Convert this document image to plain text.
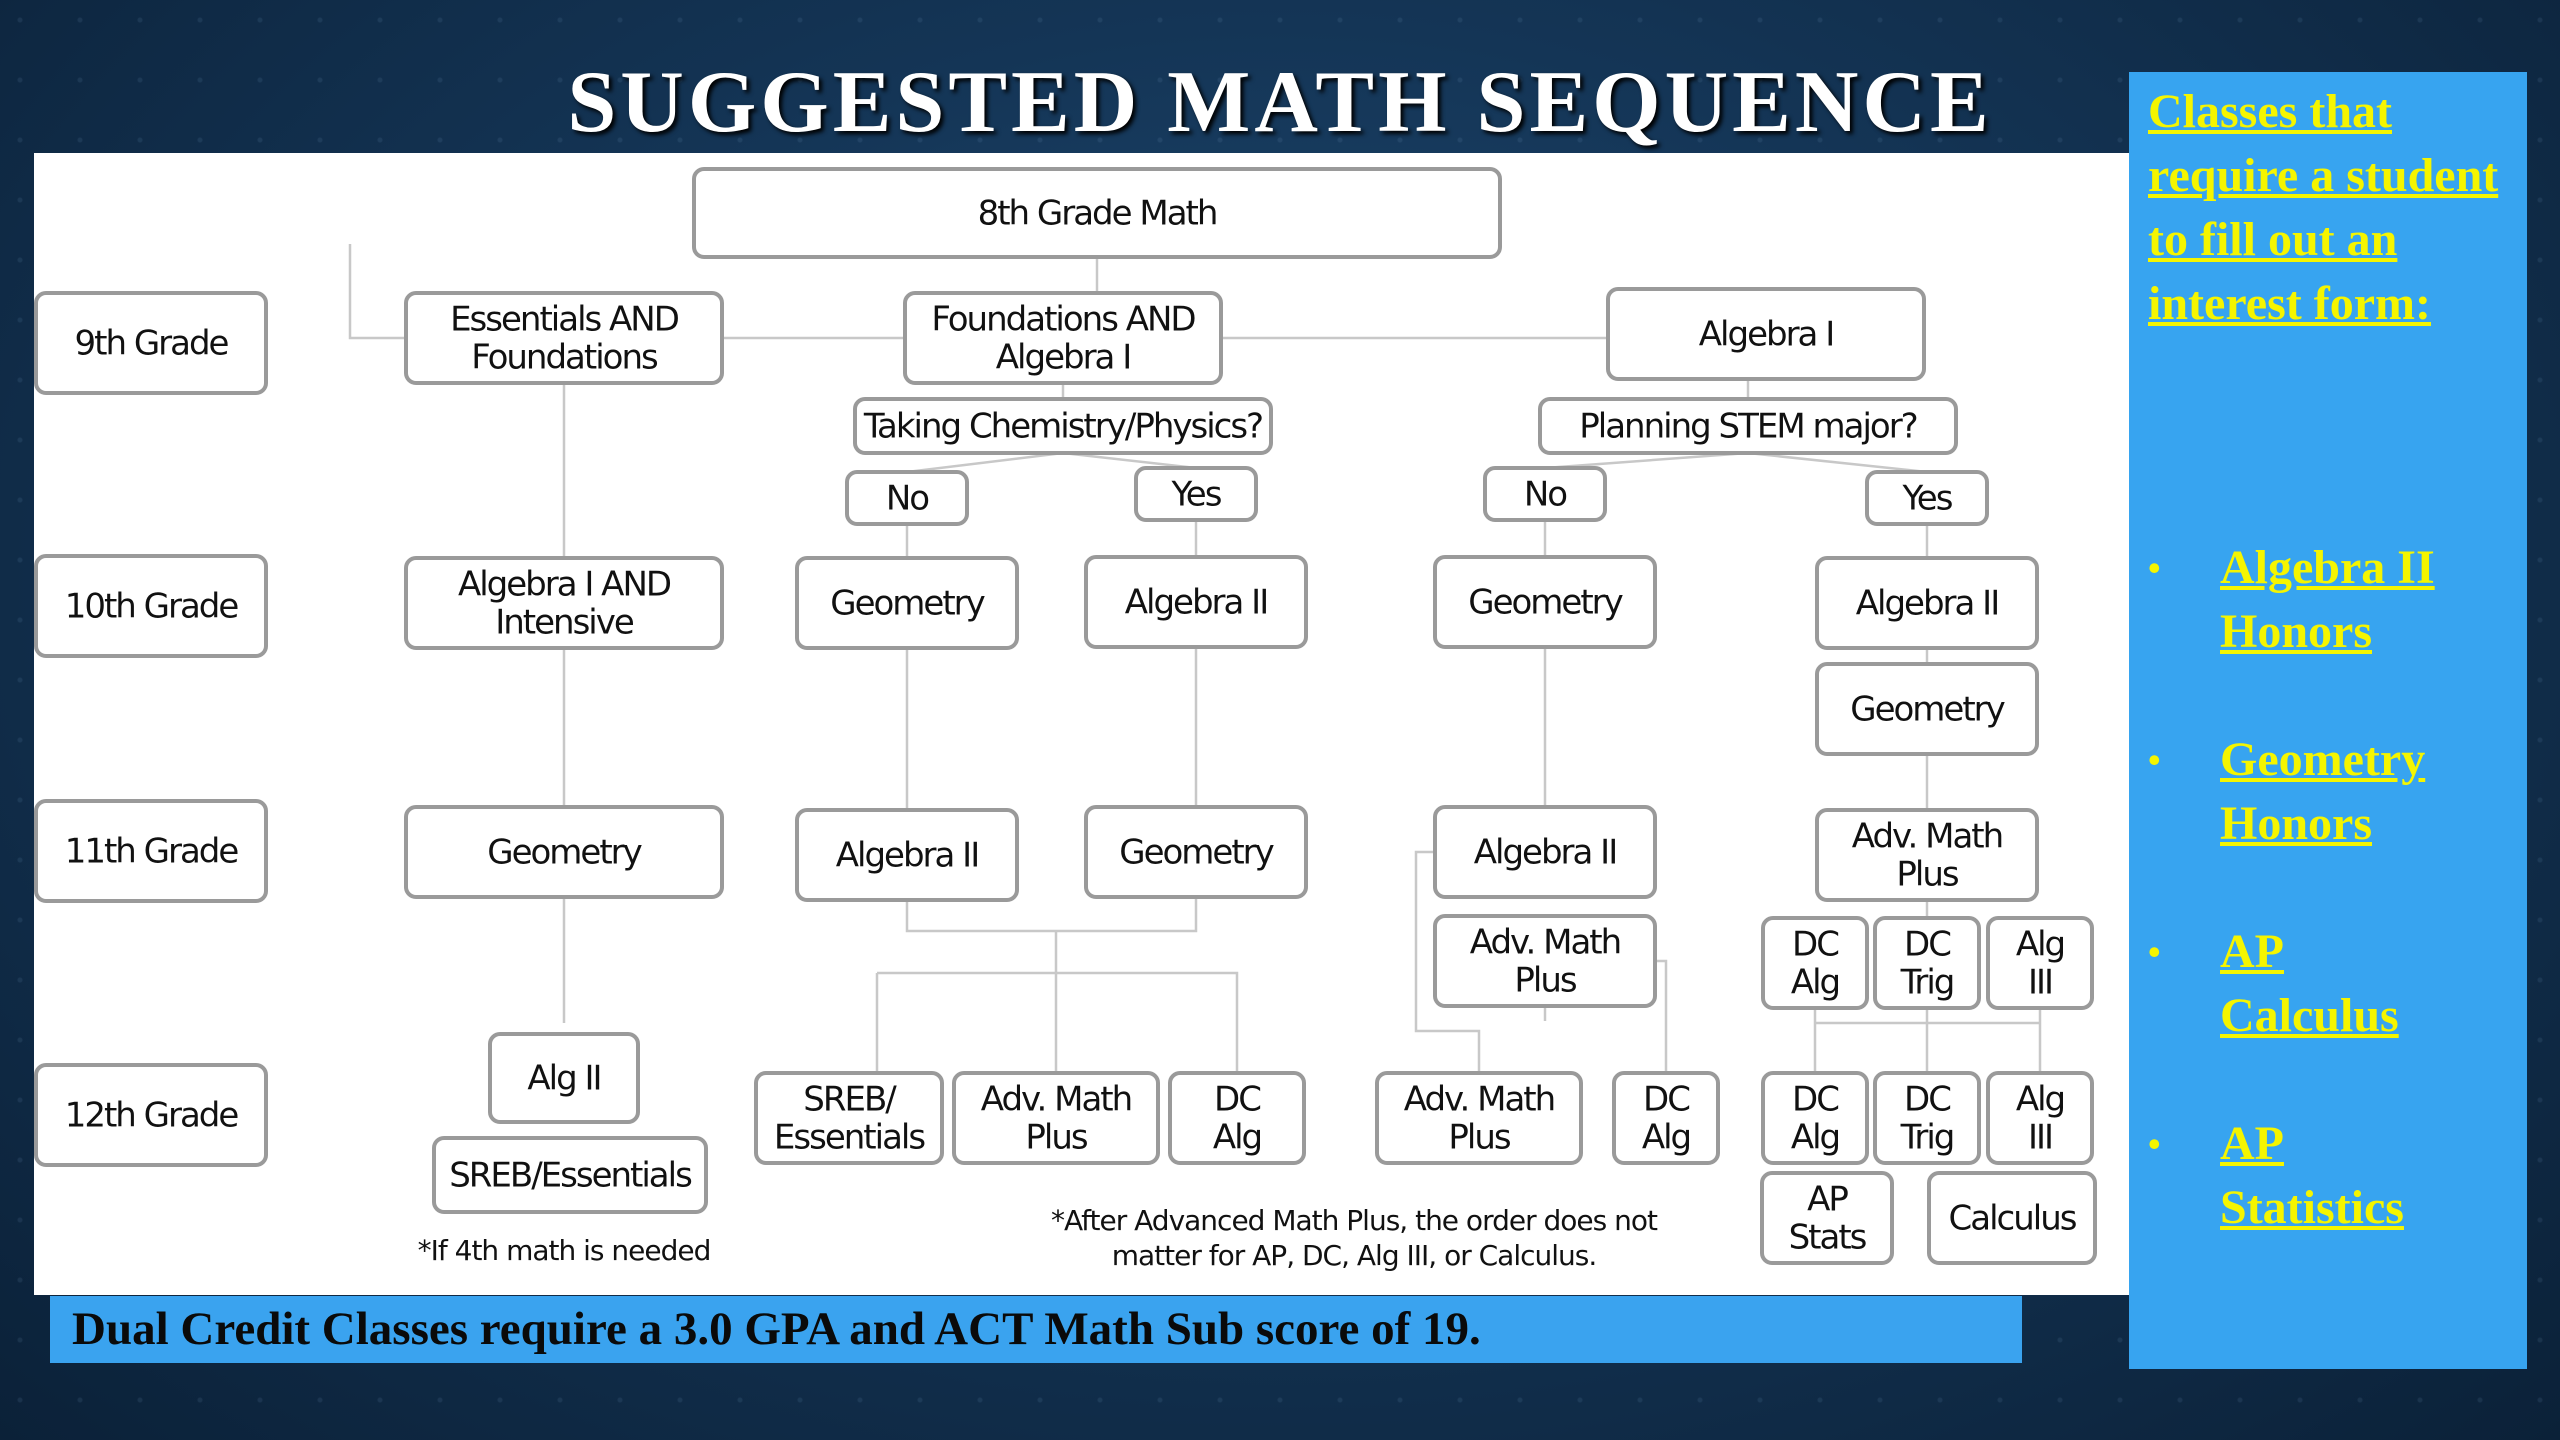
SUGGESTED MATH SEQUENCE
9th Grade
10th Grade
11th Grade
12th Grade
8th Grade Math
Essentials AND
Foundations
Foundations AND
Algebra I
Algebra I
Taking Chemistry/Physics?	Planning STEM major?
No	Yes	No	Yes
Algebra I AND
Intensive	Geometry	Algebra II	Geometry	Algebra II
Geometry
Geometry	Algebra II	Geometry	Algebra II	Adv. Math
Plus
Adv. Math
Plus
DC
Alg
DC
Trig
Alg
III
Alg II
SREB/Essentials
SREB/
Essentials
Adv. Math
Plus
DC
Alg
Adv. Math
Plus
DC
Alg
DC
Alg
DC
Trig
Alg
III
AP
Stats Calculus
*If 4th math is needed
*After Advanced Math Plus, the order does not
matter for AP, DC, Alg III, or Calculus.
Dual Credit Classes require a 3.0 GPA and ACT Math Sub score of 19.
Classes that require a student to fill out an interest form:
•	Algebra II
Honors
•	Geometry
Honors
•	AP
Calculus
•	AP
Statistics
